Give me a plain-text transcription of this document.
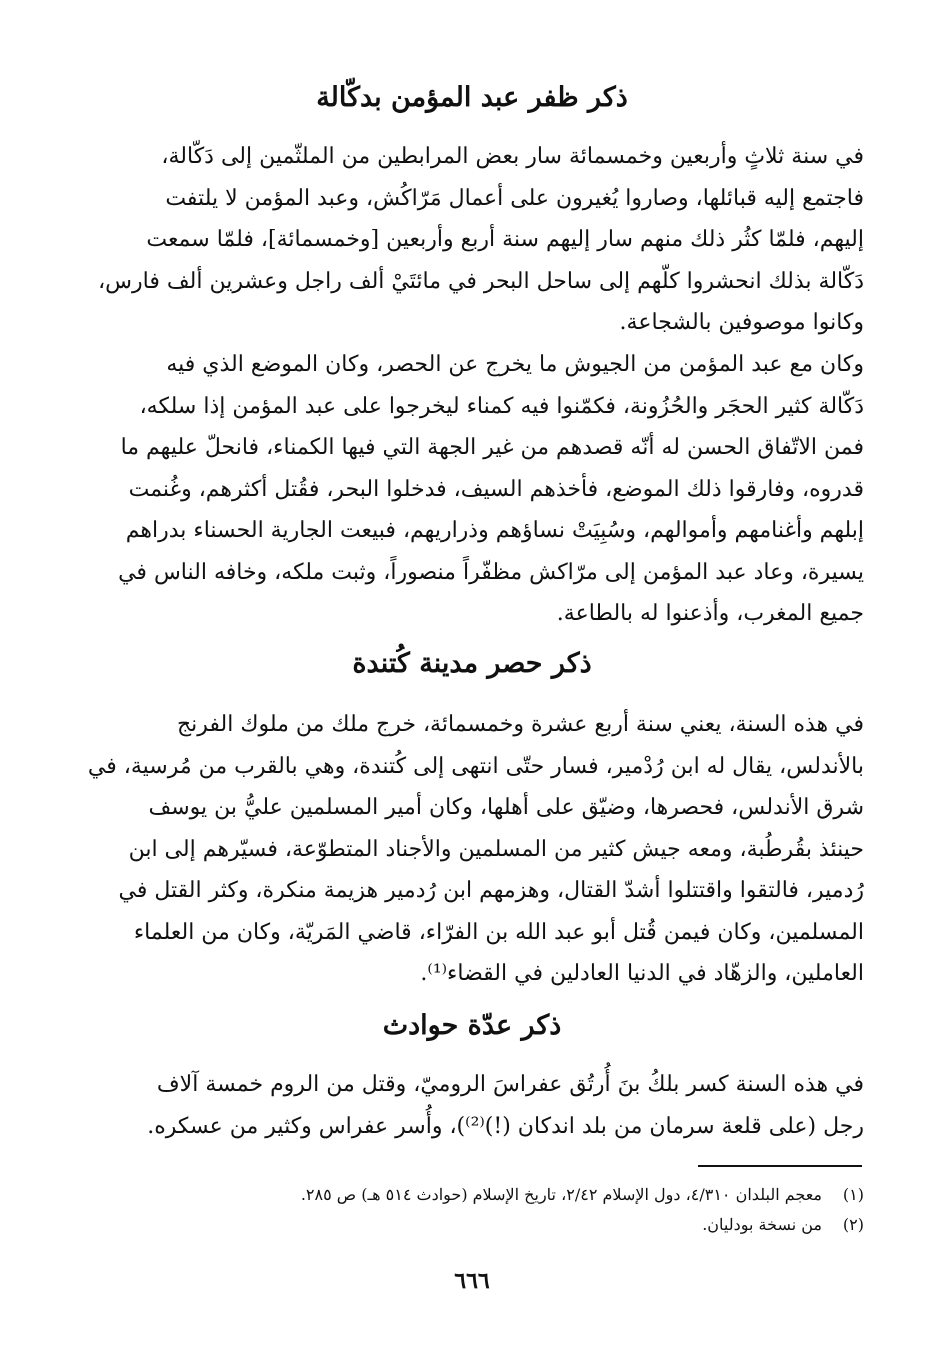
ذكر ظفر عبد المؤمن بدكّالة
في سنة ثلاثٍ وأربعين وخمسمائة سار بعض المرابطين من الملثّمين إلى دَكّالة،
فاجتمع إليه قبائلها، وصاروا يُغيرون على أعمال مَرّاكُش، وعبد المؤمن لا يلتفت
إليهم، فلمّا كثُر ذلك منهم سار إليهم سنة أربع وأربعين [وخمسمائة]، فلمّا سمعت
دَكّالة بذلك انحشروا كلّهم إلى ساحل البحر في مائتَيْ ألف راجل وعشرين ألف فارس،
وكانوا موصوفين بالشجاعة.
وكان مع عبد المؤمن من الجيوش ما يخرج عن الحصر، وكان الموضع الذي فيه
دَكّالة كثير الحجَر والحُزُونة، فكمّنوا فيه كمناء ليخرجوا على عبد المؤمن إذا سلكه،
فمن الاتّفاق الحسن له أنّه قصدهم من غير الجهة التي فيها الكمناء، فانحلّ عليهم ما
قدروه، وفارقوا ذلك الموضع، فأخذهم السيف، فدخلوا البحر، فقُتل أكثرهم، وغُنمت
إبلهم وأغنامهم وأموالهم، وسُبِيَتْ نساؤهم وذراريهم، فبيعت الجارية الحسناء بدراهم
يسيرة، وعاد عبد المؤمن إلى مرّاكش مظفّراً منصوراً، وثبت ملكه، وخافه الناس في
جميع المغرب، وأذعنوا له بالطاعة.
ذكر حصر مدينة كُتندة
في هذه السنة، يعني سنة أربع عشرة وخمسمائة، خرج ملك من ملوك الفرنج
بالأندلس، يقال له ابن رُدْمير، فسار حتّى انتهى إلى كُتندة، وهي بالقرب من مُرسية، في
شرق الأندلس، فحصرها، وضيّق على أهلها، وكان أمير المسلمين عليُّ بن يوسف
حينئذ بقُرطُبة، ومعه جيش كثير من المسلمين والأجناد المتطوّعة، فسيّرهم إلى ابن
رُدمير، فالتقوا واقتتلوا أشدّ القتال، وهزمهم ابن رُدمير هزيمة منكرة، وكثر القتل في
المسلمين، وكان فيمن قُتل أبو عبد الله بن الفرّاء، قاضي المَريّة، وكان من العلماء
العاملين، والزهّاد في الدنيا العادلين في القضاء⁽¹⁾.
ذكر عدّة حوادث
في هذه السنة كسر بلكُ بنَ أُرتُق عفراسَ الروميّ، وقتل من الروم خمسة آلاف
رجل (على قلعة سرمان من بلد اندكان (!)⁽²⁾)، وأُسر عفراس وكثير من عسكره.
(١)
معجم البلدان ٤/٣١٠، دول الإسلام ٢/٤٢، تاريخ الإسلام (حوادث ٥١٤ هـ) ص ٢٨٥.
(٢)
من نسخة بودليان.
٦٦٦
